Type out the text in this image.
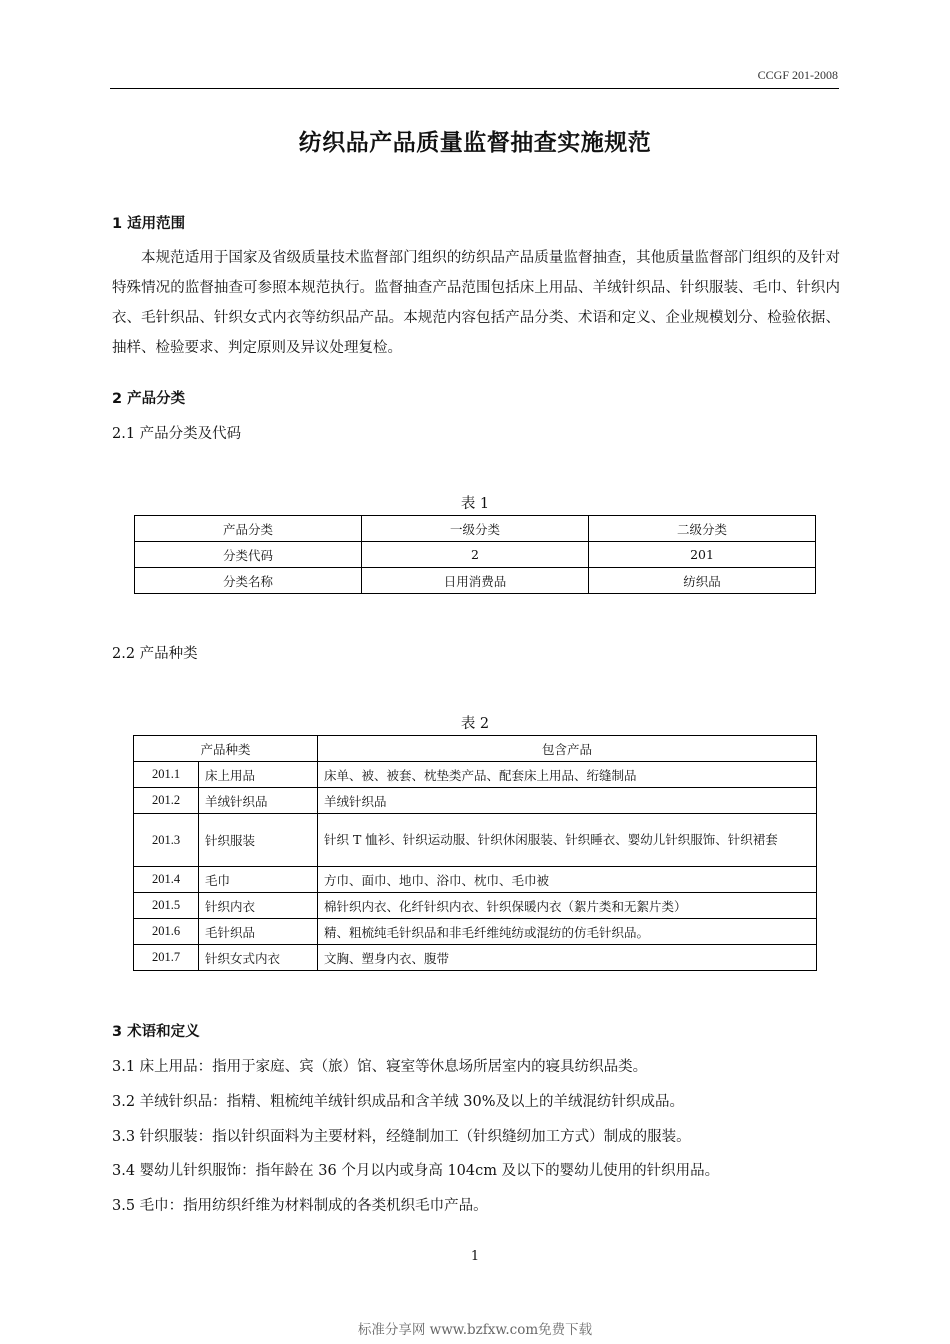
CCGF 201-2008
纺织品产品质量监督抽查实施规范
1 适用范围
本规范适用于国家及省级质量技术监督部门组织的纺织品产品质量监督抽查，其他质量监督部门组织的及针对特殊情况的监督抽查可参照本规范执行。监督抽查产品范围包括床上用品、羊绒针织品、针织服装、毛巾、针织内衣、毛针织品、针织女式内衣等纺织品产品。本规范内容包括产品分类、术语和定义、企业规模划分、检验依据、抽样、检验要求、判定原则及异议处理复检。
2 产品分类
2.1 产品分类及代码
表 1
产品分类	一级分类	二级分类
分类代码	2	201
分类名称	日用消费品	纺织品
2.2 产品种类
表 2
产品种类		包含产品
201.1	床上用品	床单、被、被套、枕垫类产品、配套床上用品、绗缝制品
201.2	羊绒针织品	羊绒针织品
201.3	针织服装	针织 T 恤衫、针织运动服、针织休闲服装、针织睡衣、婴幼儿针织服饰、针织裙套
201.4	毛巾	方巾、面巾、地巾、浴巾、枕巾、毛巾被
201.5	针织内衣	棉针织内衣、化纤针织内衣、针织保暖内衣（絮片类和无絮片类）
201.6	毛针织品	精、粗梳纯毛针织品和非毛纤维纯纺或混纺的仿毛针织品。
201.7	针织女式内衣	文胸、塑身内衣、腹带
3 术语和定义
3.1 床上用品：指用于家庭、宾（旅）馆、寝室等休息场所居室内的寝具纺织品类。
3.2 羊绒针织品：指精、粗梳纯羊绒针织成品和含羊绒 30%及以上的羊绒混纺针织成品。
3.3 针织服装：指以针织面料为主要材料，经缝制加工（针织缝纫加工方式）制成的服装。
3.4 婴幼儿针织服饰：指年龄在 36 个月以内或身高 104cm 及以下的婴幼儿使用的针织用品。
3.5 毛巾：指用纺织纤维为材料制成的各类机织毛巾产品。
1
标准分享网 www.bzfxw.com免费下载
